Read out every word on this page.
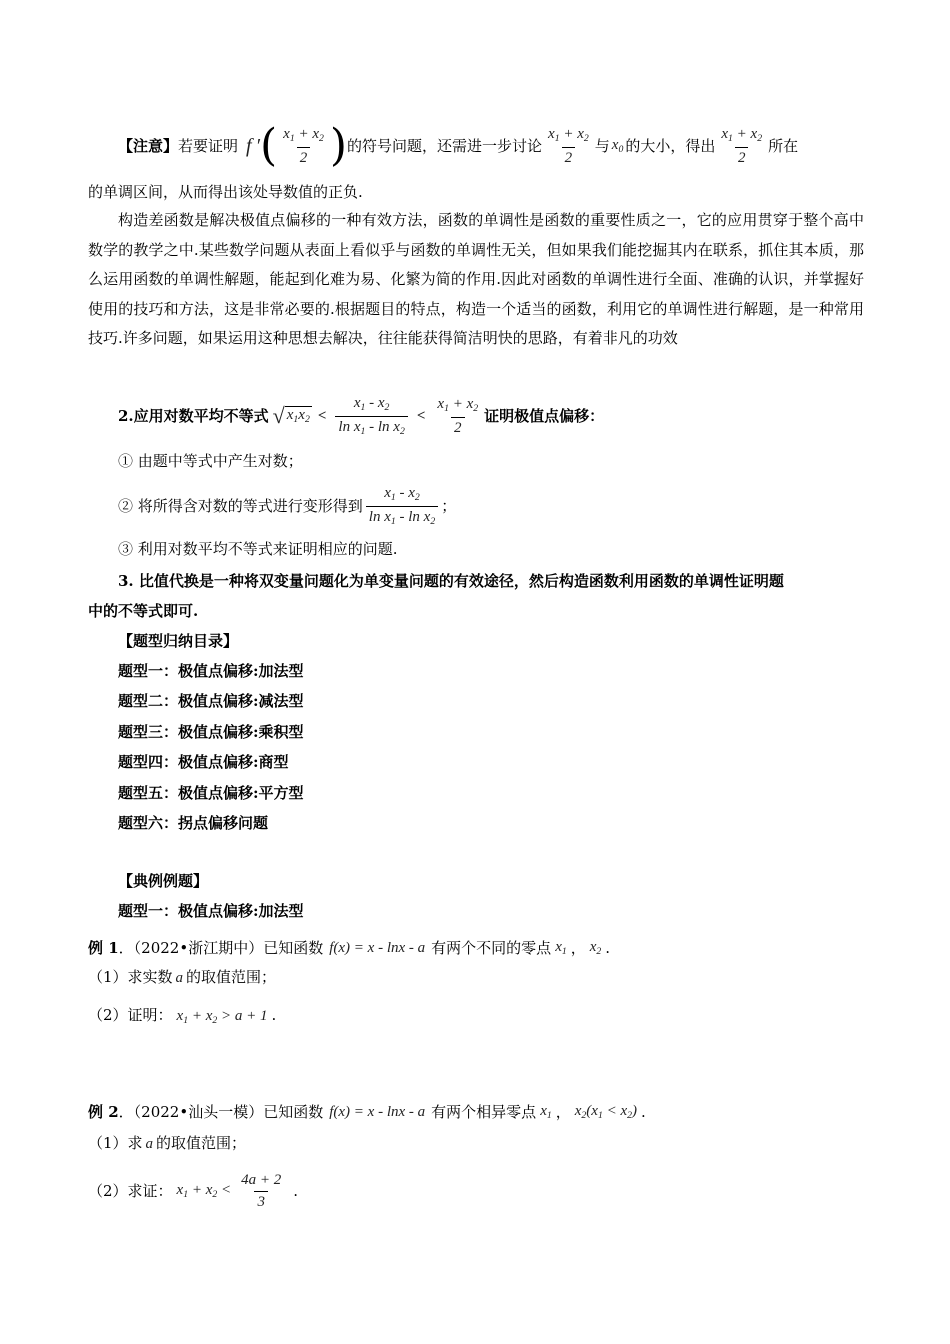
【注意】 若要证明 f ′ ( $\frac{x_1 + x_2}{2}$ ) 的符号问题，还需进一步讨论 $\frac{x_1 + x_2}{2}$ 与 $x_0$ 的大小，得出 $\frac{x_1 + x_2}{2}$ 所在
的单调区间，从而得出该处导数值的正负.
构造差函数是解决极值点偏移的一种有效方法，函数的单调性是函数的重要性质之一，它的应用贯穿于整个高中数学的教学之中.某些数学问题从表面上看似乎与函数的单调性无关，但如果我们能挖掘其内在联系，抓住其本质，那么运用函数的单调性解题，能起到化难为易、化繁为简的作用.因此对函数的单调性进行全面、准确的认识，并掌握好使用的技巧和方法，这是非常必要的.根据题目的特点，构造一个适当的函数，利用它的单调性进行解题，是一种常用技巧.许多问题，如果运用这种思想去解决，往往能获得简洁明快的思路，有着非凡的功效
2.应用对数平均不等式 √ $x_1x_2 < \frac{x_1 - x_2}{\ln x_1 - \ln x_2} < \frac{x_1 + x_2}{2}$ 证明极值点偏移：
① 由题中等式中产生对数；
② 将所得含对数的等式进行变形得到 $\frac{x_1 - x_2}{\ln x_1 - \ln x_2}$ ；
③ 利用对数平均不等式来证明相应的问题.
3. 比值代换是一种将双变量问题化为单变量问题的有效途径，然后构造函数利用函数的单调性证明题
中的不等式即可.
【题型归纳目录】
题型一：极值点偏移:加法型
题型二：极值点偏移:减法型
题型三：极值点偏移:乘积型
题型四：极值点偏移:商型
题型五：极值点偏移:平方型
题型六：拐点偏移问题
【典例例题】
题型一：极值点偏移:加法型
例 1 ．（2022•浙江期中）已知函数 f(x) = x - lnx - a 有两个不同的零点 $x_1$ ， $x_2$ .
（1）求实数 a 的取值范围；
（2）证明： $x_1 + x_2 > a + 1$ .
例 2 ．（2022•汕头一模）已知函数 f(x) = x - lnx - a 有两个相异零点 $x_1$ ， $x_2(x_1 < x_2)$ .
（1）求 a 的取值范围；
（2）求证： $x_1 + x_2 < \frac{4a + 2}{3}$ .
